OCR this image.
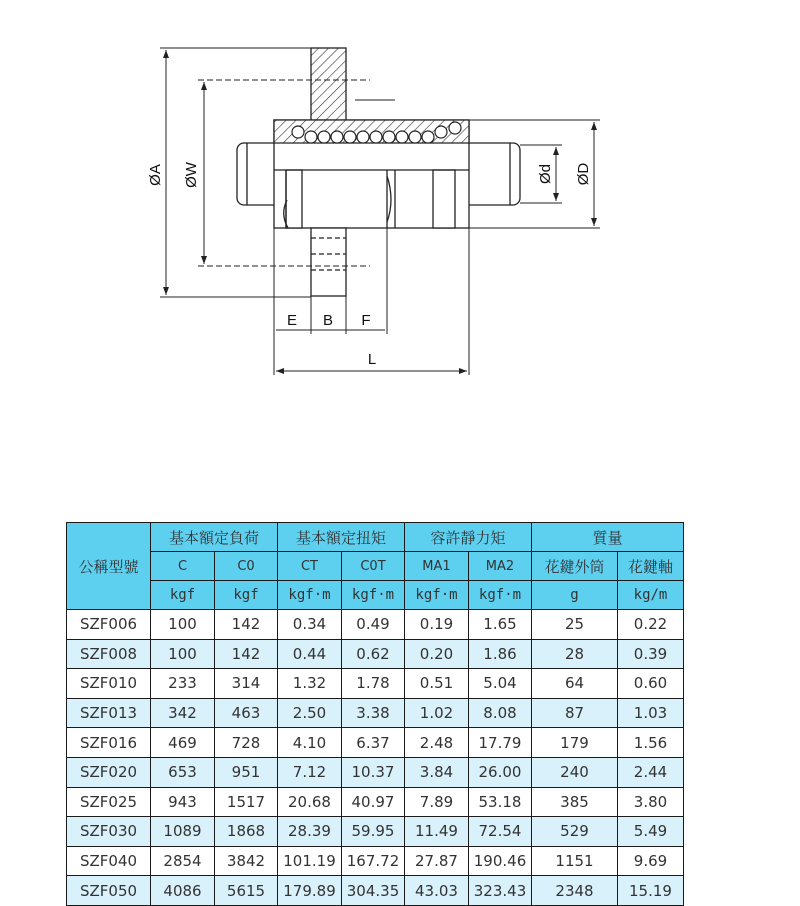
ØA ØW	Ød ØD
E B F
L
公稱型號	基本額定負荷		基本額定扭矩		容許靜力矩		質量	
	C	C0	CT	C0T	MA1	MA2	花鍵外筒	花鍵軸
	kgf	kgf	kgf·m	kgf·m	kgf·m	kgf·m	g	kg/m
SZF006	100	142	0.34	0.49	0.19	1.65	25	0.22
SZF008	100	142	0.44	0.62	0.20	1.86	28	0.39
SZF010	233	314	1.32	1.78	0.51	5.04	64	0.60
SZF013	342	463	2.50	3.38	1.02	8.08	87	1.03
SZF016	469	728	4.10	6.37	2.48	17.79	179	1.56
SZF020	653	951	7.12	10.37	3.84	26.00	240	2.44
SZF025	943	1517	20.68	40.97	7.89	53.18	385	3.80
SZF030	1089	1868	28.39	59.95	11.49	72.54	529	5.49
SZF040	2854	3842	101.19	167.72	27.87	190.46	1151	9.69
SZF050	4086	5615	179.89	304.35	43.03	323.43	2348	15.19
